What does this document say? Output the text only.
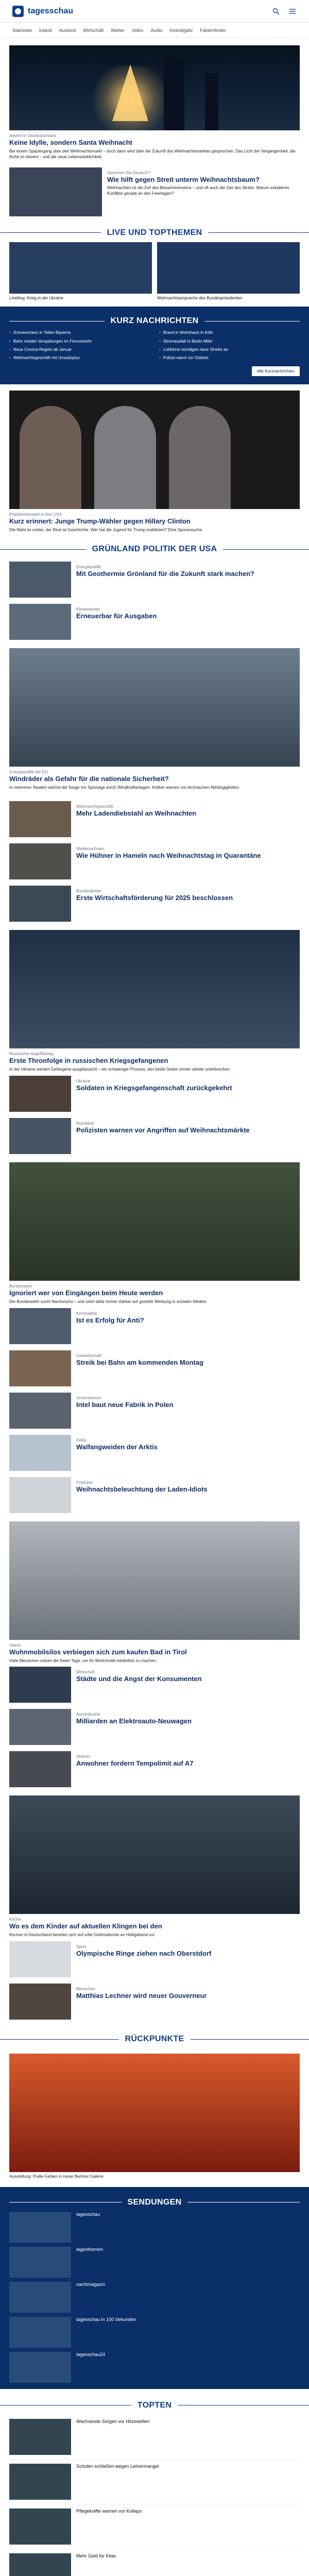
tagesschau
Startseite Inland Ausland Wirtschaft Wetter Video Audio Investigativ Faktenfinder
Advent in Ostdeutschland
Keine Idylle, sondern Santa Weihnacht
Bei einem Spaziergang über den Weihnachtsmarkt – doch dann wird über die Zukunft des Weihnachtsmarktes gesprochen. Das Licht der Vergangenheit, die Ruhe im Advent – und die neue Lebenswirklichkeit.
Sprechen Sie Deutsch?
Wie hilft gegen Streit unterm Weihnachtsbaum?
Weihnachten ist die Zeit des Beisammenseins – und oft auch die Zeit des Streits. Warum eskalieren Konflikte gerade an den Feiertagen?
LIVE UND TOPTHEMEN
Liveblog: Krieg in der Ukraine	Weihnachtsansprache des Bundespräsidenten
KURZ NACHRICHTEN
• Schneechaos in Teilen Bayerns	• Brand in Wohnhaus in Köln
• Bahn meldet Verspätungen im Fernverkehr	• Stromausfall in Berlin-Mitte
• Neue Corona-Regeln ab Januar	• Lokführer kündigen neue Streiks an
• Weihnachtsgeschäft mit Umsatzplus	• Polizei warnt vor Glatteis
Alle Kurznachrichten
Präsidentenwahl in den USA
Kurz erinnert: Junge Trump-Wähler gegen Hillary Clinton
Die Wahl ist vorbei, der Rest ist Geschichte. Wer hat die Jugend für Trump mobilisiert? Eine Spurensuche.
GRÜNLAND POLITIK DER USA
Energiepolitik
Mit Geothermie Grönland für die Zukunft stark machen?
Klimawandel
Erneuerbar für Ausgaben
Energiepolitik der EU
Windräder als Gefahr für die nationale Sicherheit?
In mehreren Staaten wächst die Sorge vor Spionage durch Windkraftanlagen. Kritiker warnen vor technischen Abhängigkeiten.
Weihnachtsgeschäft
Mehr Ladendiebstahl an Weihnachten
Niedersachsen
Wie Hühner in Hameln nach Weihnachtstag in Quarantäne
Bundesländer
Erste Wirtschaftsförderung für 2025 beschlossen
Russischer Angriffskrieg
Erste Thronfolge in russischen Kriegsgefangenen
In der Ukraine werden Gefangene ausgetauscht – ein schwieriger Prozess, den beide Seiten immer wieder unterbrechen.
Ukraine
Soldaten in Kriegsgefangenschaft zurückgekehrt
Russland
Polizisten warnen vor Angriffen auf Weihnachtsmärkte
Bundeswehr
Ignoriert wer von Eingängen beim Heute werden
Die Bundeswehr sucht Nachwuchs – und setzt dafür immer stärker auf gezielte Werbung in sozialen Medien.
Kriminalität
Ist es Erfolg für Anti?
Gewerkschaft
Streik bei Bahn am kommenden Montag
Unternehmen
Intel baut neue Fabrik in Polen
Arktis
Walfangweiden der Arktis
Finanzen
Weihnachtsbeleuchtung der Laden-Idiots
Inland
Wohnmobilsilos verbiegen sich zum kaufen Bad in Tirol
Viele Menschen nutzen die freien Tage, um ihr Wohnmobil winterfest zu machen.
Wirtschaft
Städte und die Angst der Konsumenten
Autoindustrie
Milliarden an Elektroauto-Neuwagen
Verkehr
Anwohner fordern Tempolimit auf A7
Kirche
Wo es dem Kinder auf aktuellen Klingen bei den
Kirchen in Deutschland bereiten sich auf volle Gottesdienste an Heiligabend vor.
Sport
Olympische Ringe ziehen nach Oberstdorf
Menschen
Matthias Lechner wird neuer Gouverneur
RÜCKPUNKTE
Ausstellung: Pralle Farben in neuer Berliner Galerie
SENDUNGEN
tagesschau
tagesthemen
nachtmagazin
tagesschau in 100 Sekunden
tagesschau24
TOPTEN
Wachsende Sorgen vor Hitzewellen
Schulen schließen wegen Lehrermangel
Pflegekräfte warnen vor Kollaps
Mehr Geld für Kitas
